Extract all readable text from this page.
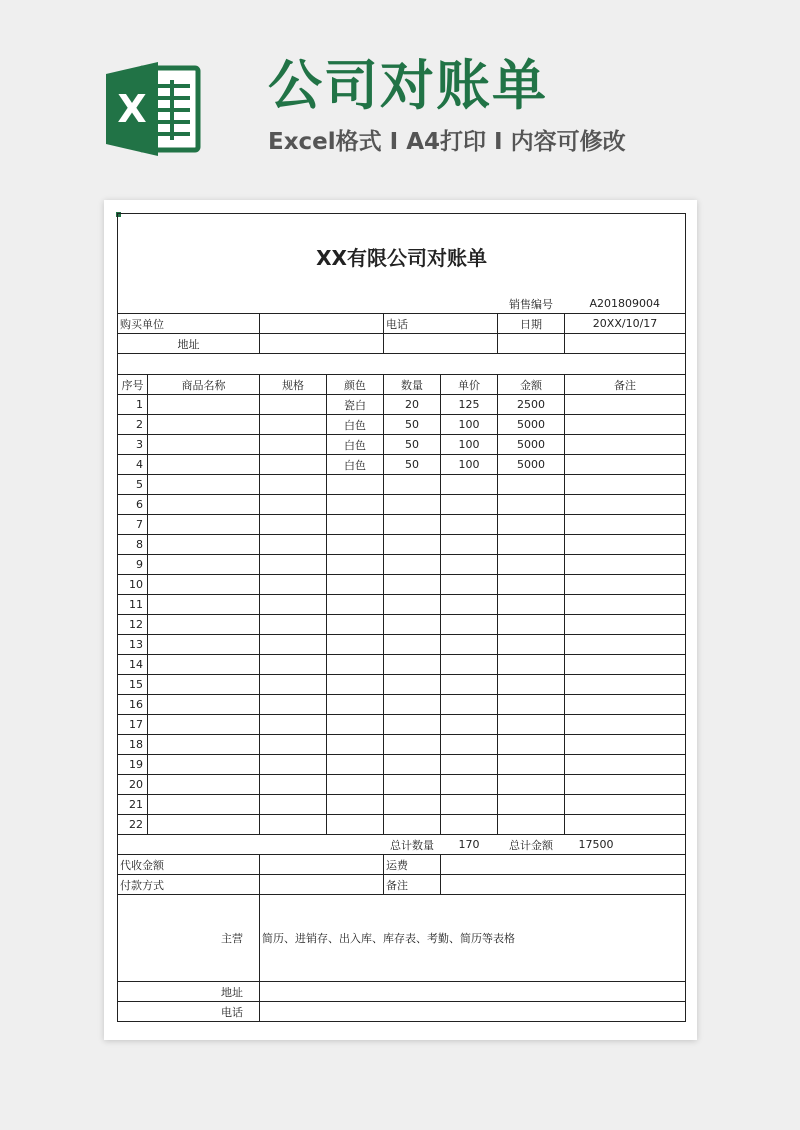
X 公司对账单
Excel格式 Ⅰ A4打印 Ⅰ 内容可修改
XX有限公司对账单							
						销售编号	A201809004
购买单位				电话		日期	20XX/10/17
地址							

序号	商品名称	规格	颜色	数量	单价	金额	备注
1			瓷白	20	125	2500	
2			白色	50	100	5000	
3			白色	50	100	5000	
4			白色	50	100	5000	
5							
6							
7							
8							
9							
10							
11							
12							
13							
14							
15							
16							
17							
18							
19							
20							
21							
22							
				总计数量	170	总计金额	17500
代收金额				运费			
付款方式				备注			
主营		简历、进销存、出入库、库存表、考勤、简历等表格					
地址							
电话							
